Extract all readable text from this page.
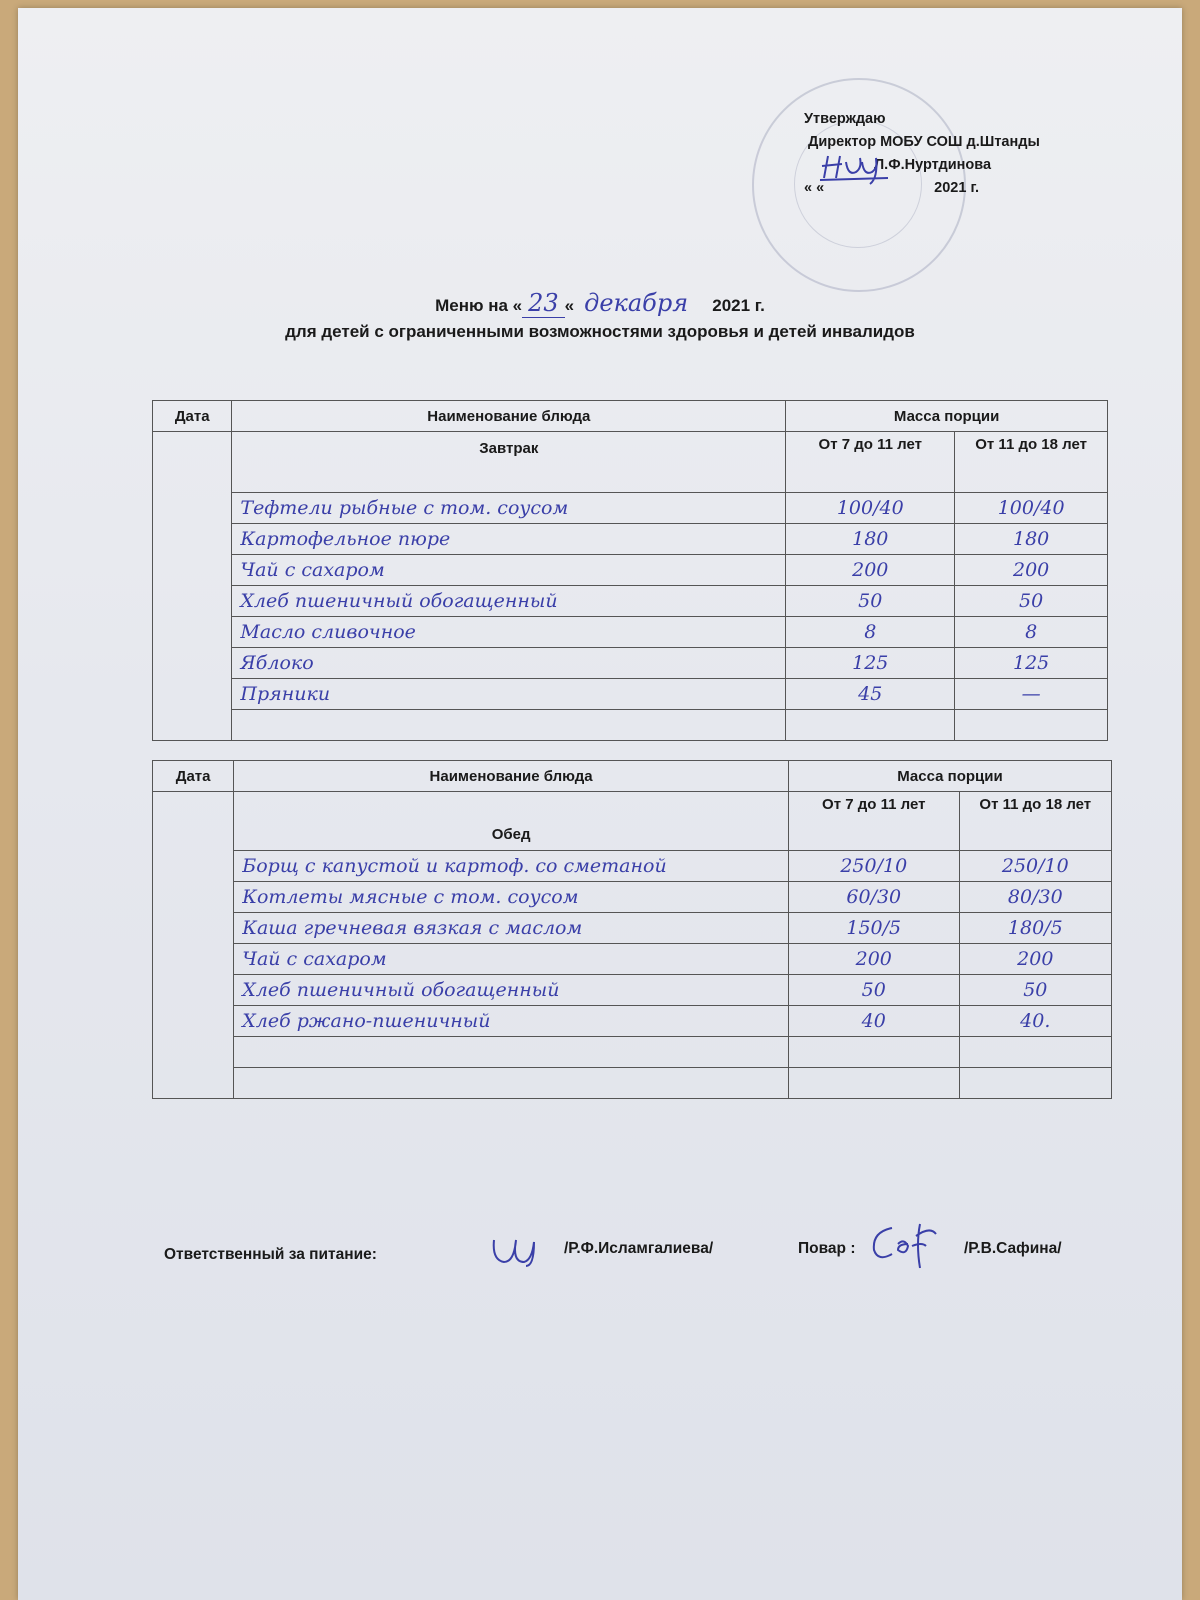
Утверждаю
Директор МОБУ СОШ д.Штанды
Л.Ф.Нуртдинова
« «	2021 г.
Меню на « 23 « декабря 2021 г.
для детей с ограниченными возможностями здоровья и детей инвалидов
Дата	Наименование блюда	Масса порции	
	Завтрак	От 7 до 11 лет	От 11 до 18 лет
	Тефтели рыбные с том. соусом	100/40	100/40
	Картофельное пюре	180	180
	Чай с сахаром	200	200
	Хлеб пшеничный обогащенный	50	50
	Масло сливочное	8	8
	Яблоко	125	125
	Пряники	45	—

Дата	Наименование блюда	Масса порции	
	Обед	От 7 до 11 лет	От 11 до 18 лет
	Борщ с капустой и картоф. со сметаной	250/10	250/10
	Котлеты мясные с том. соусом	60/30	80/30
	Каша гречневая вязкая с маслом	150/5	180/5
	Чай с сахаром	200	200
	Хлеб пшеничный обогащенный	50	50
	Хлеб ржано-пшеничный	40	40.

Ответственный за питание:	/Р.Ф.Исламгалиева/	Повар :	/Р.В.Сафина/
